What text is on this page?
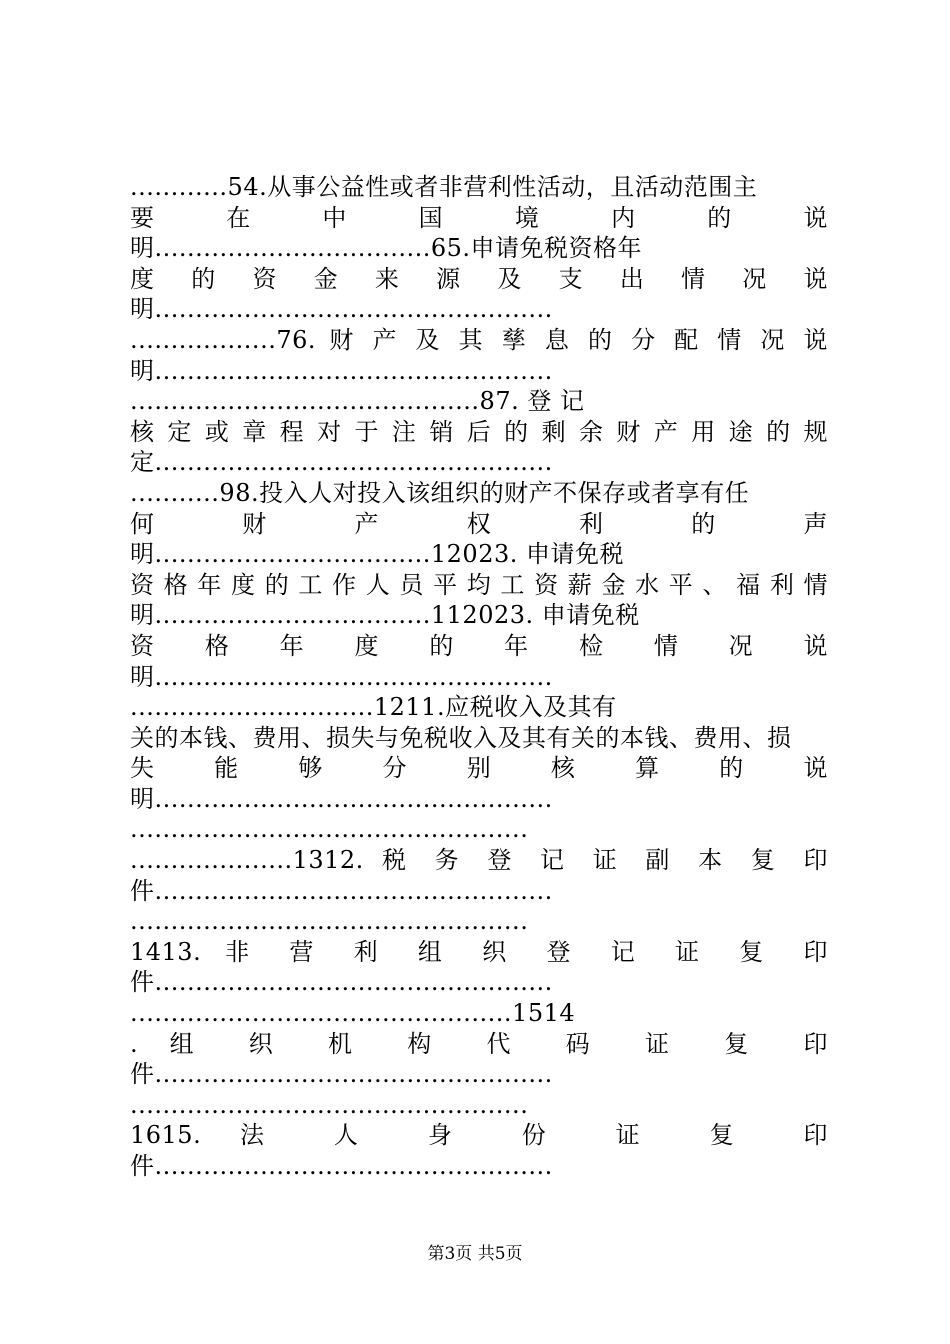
............54.从事公益性或者非营利性活动，且活动范围主
要 在 中 国 境 内 的 说
明..................................65.申请免税资格年
度 的 资 金 来 源 及 支 出 情 况 说
明.................................................
..................76. 财 产 及 其 孳 息 的 分 配 情 况 说
明.................................................
...........................................87. 登 记
核 定 或 章 程 对 于 注 销 后 的 剩 余 财 产 用 途 的 规
定.................................................
...........98.投入人对投入该组织的财产不保存或者享有任
何 财 产 权 利 的 声
明..................................12023. 申请免税
资 格 年 度 的 工 作 人 员 平 均 工 资 薪 金 水 平 、 福 利 情
明..................................112023. 申请免税
资 格 年 度 的 年 检 情 况 说
明.................................................
..............................1211.应税收入及其有
关的本钱、费用、损失与免税收入及其有关的本钱、费用、损
失 能 够 分 别 核 算 的 说
明.................................................
.................................................
....................1312. 税 务 登 记 证 副 本 复 印
件.................................................
.................................................
1413. 非 营 利 组 织 登 记 证 复 印
件.................................................
...............................................1514
. 组 织 机 构 代 码 证 复 印
件.................................................
.................................................
1615. 法 人 身 份 证 复 印
件.................................................
第3页 共5页
